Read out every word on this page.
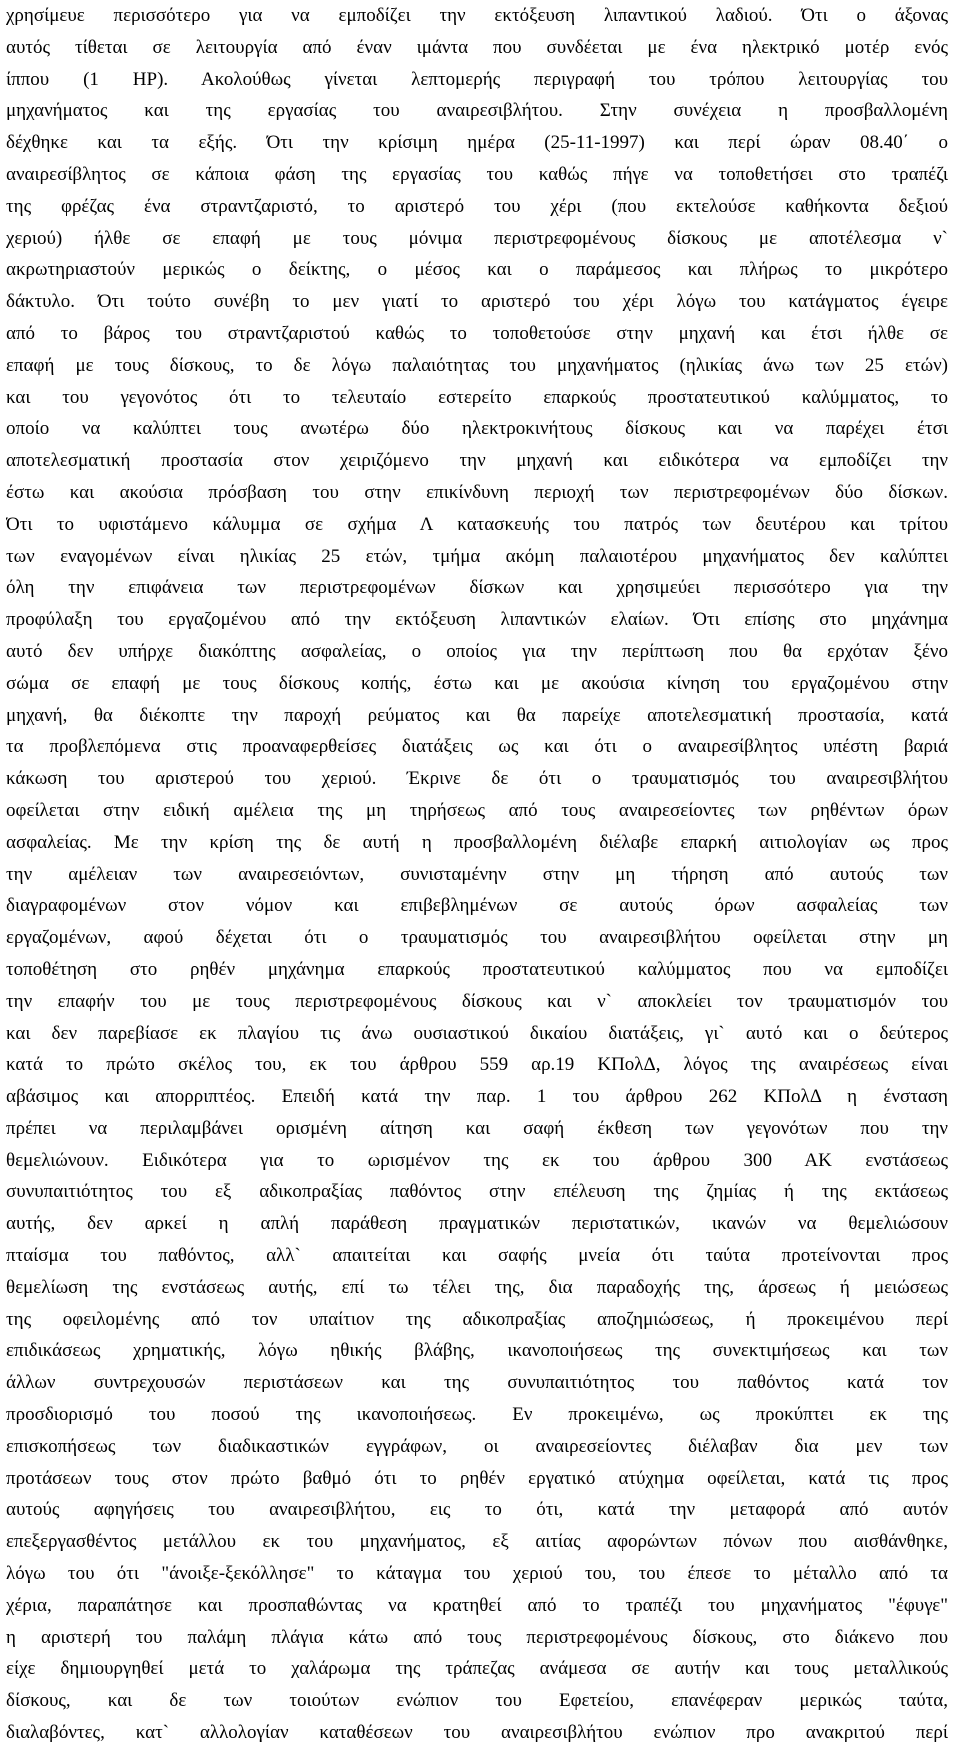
χρησίμευε περισσότερο για να εμποδίζει την εκτόξευση λιπαντικού λαδιού. Ότι ο άξονας
αυτός τίθεται σε λειτουργία από έναν ιμάντα που συνδέεται με ένα ηλεκτρικό μοτέρ ενός
ίππου (1 HP). Ακολούθως γίνεται λεπτομερής περιγραφή του τρόπου λειτουργίας του
μηχανήματος και της εργασίας του αναιρεσιβλήτου. Στην συνέχεια η προσβαλλομένη
δέχθηκε και τα εξής. Ότι την κρίσιμη ημέρα (25-11-1997) και περί ώραν 08.40΄ ο
αναιρεσίβλητος σε κάποια φάση της εργασίας του καθώς πήγε να τοποθετήσει στο τραπέζι
της φρέζας ένα στραντζαριστό, το αριστερό του χέρι (που εκτελούσε καθήκοντα δεξιού
χεριού) ήλθε σε επαφή με τους μόνιμα περιστρεφομένους δίσκους με αποτέλεσμα ν`
ακρωτηριαστούν μερικώς ο δείκτης, ο μέσος και ο παράμεσος και πλήρως το μικρότερο
δάκτυλο. Ότι τούτο συνέβη το μεν γιατί το αριστερό του χέρι λόγω του κατάγματος έγειρε
από το βάρος του στραντζαριστού καθώς το τοποθετούσε στην μηχανή και έτσι ήλθε σε
επαφή με τους δίσκους, το δε λόγω παλαιότητας του μηχανήματος (ηλικίας άνω των 25 ετών)
και του γεγονότος ότι το τελευταίο εστερείτο επαρκούς προστατευτικού καλύμματος, το
οποίο να καλύπτει τους ανωτέρω δύο ηλεκτροκινήτους δίσκους και να παρέχει έτσι
αποτελεσματική προστασία στον χειριζόμενο την μηχανή και ειδικότερα να εμποδίζει την
έστω και ακούσια πρόσβαση του στην επικίνδυνη περιοχή των περιστρεφομένων δύο δίσκων.
Ότι το υφιστάμενο κάλυμμα σε σχήμα Λ κατασκευής του πατρός των δευτέρου και τρίτου
των εναγομένων είναι ηλικίας 25 ετών, τμήμα ακόμη παλαιοτέρου μηχανήματος δεν καλύπτει
όλη την επιφάνεια των περιστρεφομένων δίσκων και χρησιμεύει περισσότερο για την
προφύλαξη του εργαζομένου από την εκτόξευση λιπαντικών ελαίων. Ότι επίσης στο μηχάνημα
αυτό δεν υπήρχε διακόπτης ασφαλείας, ο οποίος για την περίπτωση που θα ερχόταν ξένο
σώμα σε επαφή με τους δίσκους κοπής, έστω και με ακούσια κίνηση του εργαζομένου στην
μηχανή, θα διέκοπτε την παροχή ρεύματος και θα παρείχε αποτελεσματική προστασία, κατά
τα προβλεπόμενα στις προαναφερθείσες διατάξεις ως και ότι ο αναιρεσίβλητος υπέστη βαριά
κάκωση του αριστερού του χεριού. Έκρινε δε ότι ο τραυματισμός του αναιρεσιβλήτου
οφείλεται στην ειδική αμέλεια της μη τηρήσεως από τους αναιρεσείοντες των ρηθέντων όρων
ασφαλείας. Με την κρίση της δε αυτή η προσβαλλομένη διέλαβε επαρκή αιτιολογίαν ως προς
την αμέλειαν των αναιρεσειόντων, συνισταμένην στην μη τήρηση από αυτούς των
διαγραφομένων στον νόμον και επιβεβλημένων σε αυτούς όρων ασφαλείας των
εργαζομένων, αφού δέχεται ότι ο τραυματισμός του αναιρεσιβλήτου οφείλεται στην μη
τοποθέτηση στο ρηθέν μηχάνημα επαρκούς προστατευτικού καλύμματος που να εμποδίζει
την επαφήν του με τους περιστρεφομένους δίσκους και ν` αποκλείει τον τραυματισμόν του
και δεν παρεβίασε εκ πλαγίου τις άνω ουσιαστικού δικαίου διατάξεις, γι` αυτό και ο δεύτερος
κατά το πρώτο σκέλος του, εκ του άρθρου 559 αρ.19 ΚΠολΔ, λόγος της αναιρέσεως είναι
αβάσιμος και απορριπτέος. Επειδή κατά την παρ. 1 του άρθρου 262 ΚΠολΔ η ένσταση
πρέπει να περιλαμβάνει ορισμένη αίτηση και σαφή έκθεση των γεγονότων που την
θεμελιώνουν. Ειδικότερα για το ωρισμένον της εκ του άρθρου 300 ΑΚ ενστάσεως
συνυπαιτιότητος του εξ αδικοπραξίας παθόντος στην επέλευση της ζημίας ή της εκτάσεως
αυτής, δεν αρκεί η απλή παράθεση πραγματικών περιστατικών, ικανών να θεμελιώσουν
πταίσμα του παθόντος, αλλ` απαιτείται και σαφής μνεία ότι ταύτα προτείνονται προς
θεμελίωση της ενστάσεως αυτής, επί τω τέλει της, δια παραδοχής της, άρσεως ή μειώσεως
της οφειλομένης από τον υπαίτιον της αδικοπραξίας αποζημιώσεως, ή προκειμένου περί
επιδικάσεως χρηματικής, λόγω ηθικής βλάβης, ικανοποιήσεως της συνεκτιμήσεως και των
άλλων συντρεχουσών περιστάσεων και της συνυπαιτιότητος του παθόντος κατά τον
προσδιορισμό του ποσού της ικανοποιήσεως. Εν προκειμένω, ως προκύπτει εκ της
επισκοπήσεως των διαδικαστικών εγγράφων, οι αναιρεσείοντες διέλαβαν δια μεν των
προτάσεων τους στον πρώτο βαθμό ότι το ρηθέν εργατικό ατύχημα οφείλεται, κατά τις προς
αυτούς αφηγήσεις του αναιρεσιβλήτου, εις το ότι, κατά την μεταφορά από αυτόν
επεξεργασθέντος μετάλλου εκ του μηχανήματος, εξ αιτίας αφορώντων πόνων που αισθάνθηκε,
λόγω του ότι "άνοιξε-ξεκόλλησε" το κάταγμα του χεριού του, του έπεσε το μέταλλο από τα
χέρια, παραπάτησε και προσπαθώντας να κρατηθεί από το τραπέζι του μηχανήματος "έφυγε"
η αριστερή του παλάμη πλάγια κάτω από τους περιστρεφομένους δίσκους, στο διάκενο που
είχε δημιουργηθεί μετά το χαλάρωμα της τράπεζας ανάμεσα σε αυτήν και τους μεταλλικούς
δίσκους, και δε των τοιούτων ενώπιον του Εφετείου, επανέφεραν μερικώς ταύτα,
διαλαβόντες, κατ` αλλολογίαν καταθέσεων του αναιρεσιβλήτου ενώπιον προ ανακριτού περί
